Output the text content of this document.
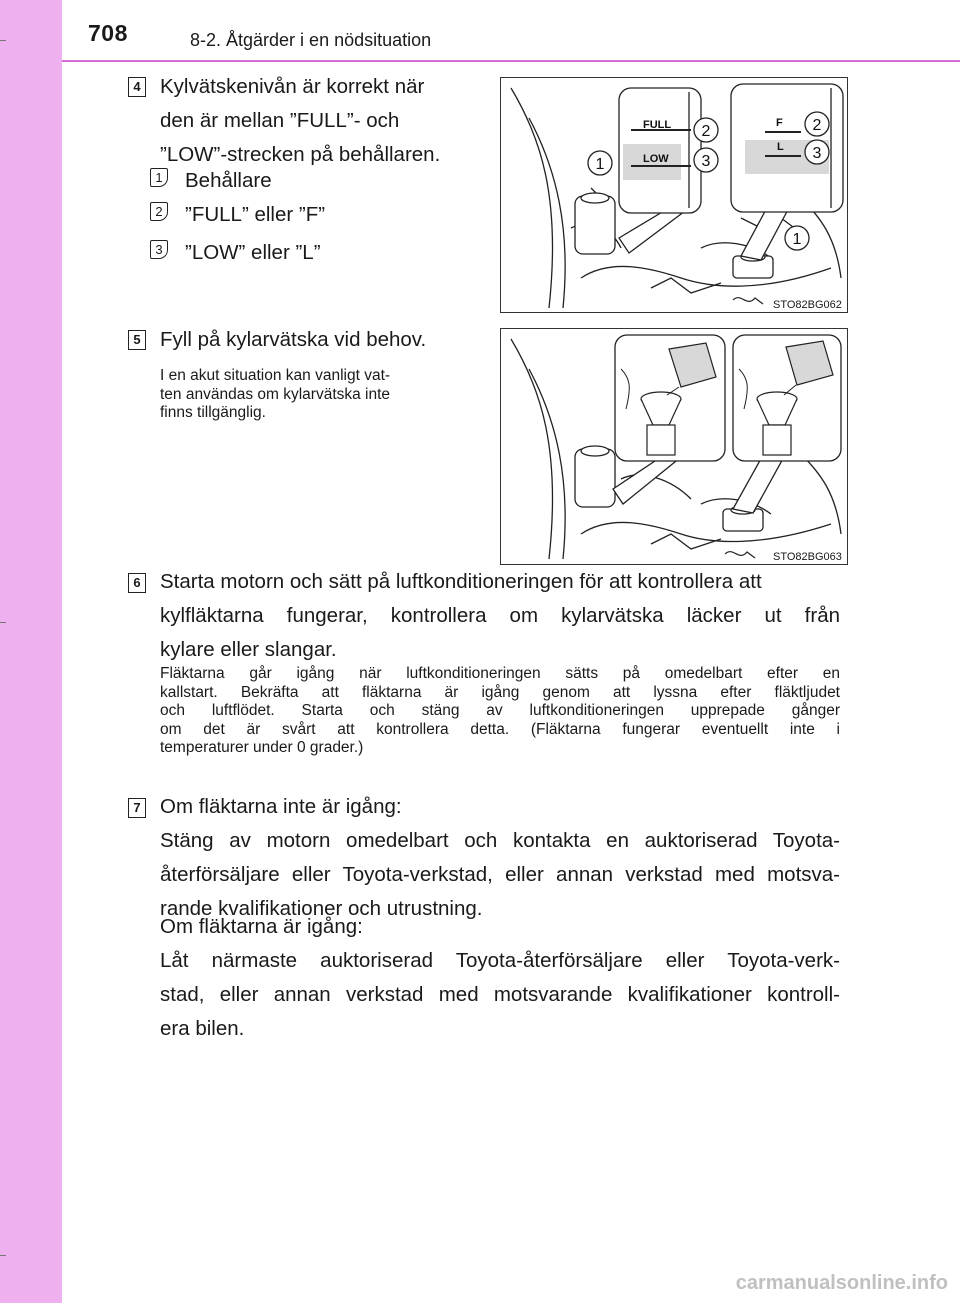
708	8-2. Åtgärder i en nödsituation
4 Kylvätskenivån är korrekt när
den är mellan ”FULL”- och
”LOW”-strecken på behållaren.
1 Behållare
2 ”FULL” eller ”F”
3 ”LOW” eller ”L”
FULL
LOW
F
L
1
2
3
2
3
1
STO82BG062
5 Fyll på kylarvätska vid behov.
I en akut situation kan vanligt vat-
ten användas om kylarvätska inte
finns tillgänglig.
STO82BG063
6 Starta motorn och sätt på luftkonditioneringen för att kontrollera att
kylfläktarna fungerar, kontrollera om kylarvätska läcker ut från
kylare eller slangar.
Fläktarna går igång när luftkonditioneringen sätts på omedelbart efter en
kallstart. Bekräfta att fläktarna är igång genom att lyssna efter fläktljudet
och luftflödet. Starta och stäng av luftkonditioneringen upprepade gånger
om det är svårt att kontrollera detta. (Fläktarna fungerar eventuellt inte i
temperaturer under 0 grader.)
7 Om fläktarna inte är igång:
Stäng av motorn omedelbart och kontakta en auktoriserad Toyota-
återförsäljare eller Toyota-verkstad, eller annan verkstad med motsva-
rande kvalifikationer och utrustning.
Om fläktarna är igång:
Låt närmaste auktoriserad Toyota-återförsäljare eller Toyota-verk-
stad, eller annan verkstad med motsvarande kvalifikationer kontroll-
era bilen.
carmanualsonline.info
